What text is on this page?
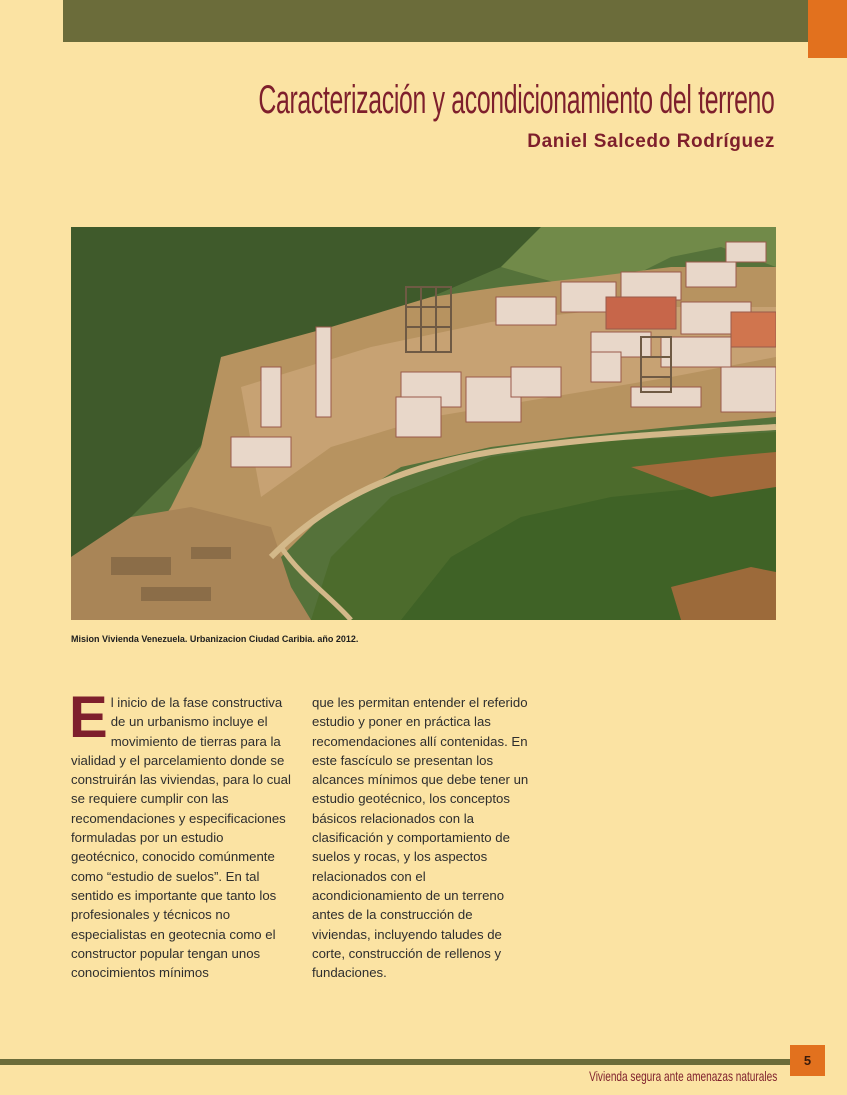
Caracterización y acondicionamiento del terreno
Daniel Salcedo Rodríguez
Mision Vivienda Venezuela. Urbanizacion Ciudad Caribia. año 2012.
E l inicio de la fase constructiva de un urbanismo incluye el movimiento de tierras para la vialidad y el parcelamiento donde se construirán las viviendas, para lo cual se requiere cumplir con las recomendaciones y especificaciones formuladas por un estudio geotécnico, conocido comúnmente como “estudio de suelos”. En tal sentido es importante que tanto los profesionales y técnicos no especialistas en geotecnia como el constructor popular tengan unos conocimientos mínimos
que les permitan entender el referido estudio y poner en práctica las recomendaciones allí contenidas. En este fascículo se presentan los alcances mínimos que debe tener un estudio geotécnico, los conceptos básicos relacionados con la clasificación y comportamiento de suelos y rocas, y los aspectos relacionados con el acondicionamiento de un terreno antes de la construcción de viviendas, incluyendo taludes de corte, construcción de rellenos y fundaciones.
5
Vivienda segura ante amenazas naturales
